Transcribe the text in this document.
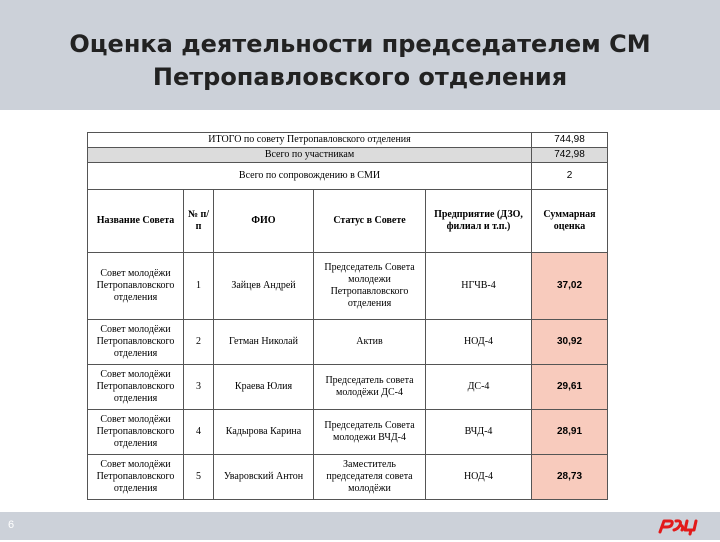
Оценка деятельности председателем СМ
Петропавловского отделения
ИТОГО по совету Петропавловского отделения					744,98
Всего по участникам					742,98
Всего по сопровождению в СМИ					2
Название Совета	№ п/п	ФИО	Статус в Совете	Предприятие (ДЗО, филиал и т.п.)	Суммарная оценка
Совет молодёжи Петропавловского отделения	1	Зайцев Андрей	Председатель Совета молодежи Петропавловского отделения	НГЧВ-4	37,02
Совет молодёжи Петропавловского отделения	2	Гетман Николай	Актив	НОД-4	30,92
Совет молодёжи Петропавловского отделения	3	Краева Юлия	Председатель совета молодёжи ДС-4	ДС-4	29,61
Совет молодёжи Петропавловского отделения	4	Кадырова Карина	Председатель Совета молодежи ВЧД-4	ВЧД-4	28,91
Совет молодёжи Петропавловского отделения	5	Уваровский Антон	Заместитель председателя совета молодёжи	НОД-4	28,73
6
